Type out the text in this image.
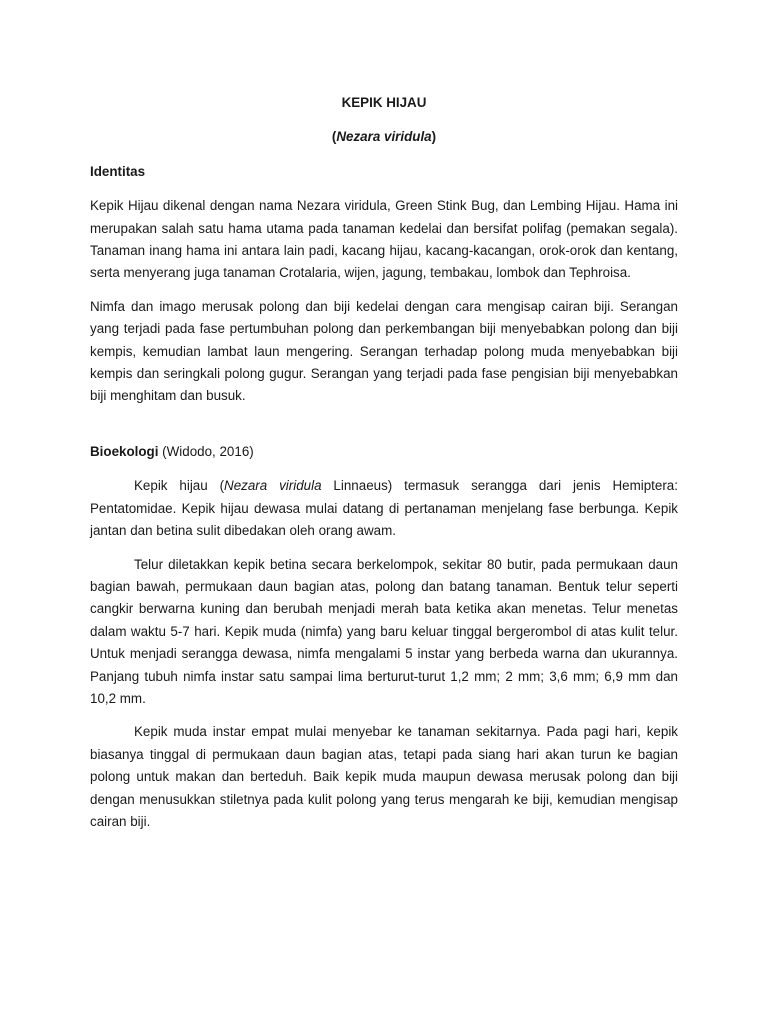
KEPIK HIJAU
(Nezara viridula)
Identitas

Kepik Hijau dikenal dengan nama Nezara viridula, Green Stink Bug, dan Lembing Hijau. Hama ini merupakan salah satu hama utama pada tanaman kedelai dan bersifat polifag (pemakan segala). Tanaman inang hama ini antara lain padi, kacang hijau, kacang-kacangan, orok-orok dan kentang, serta menyerang juga tanaman Crotalaria, wijen, jagung, tembakau, lombok dan Tephroisa.

Nimfa dan imago merusak polong dan biji kedelai dengan cara mengisap cairan biji. Serangan yang terjadi pada fase pertumbuhan polong dan perkembangan biji menyebabkan polong dan biji kempis, kemudian lambat laun mengering. Serangan terhadap polong muda menyebabkan biji kempis dan seringkali polong gugur. Serangan yang terjadi pada fase pengisian biji menyebabkan biji menghitam dan busuk.

Bioekologi (Widodo, 2016)

Kepik hijau (Nezara viridula Linnaeus) termasuk serangga dari jenis Hemiptera: Pentatomidae. Kepik hijau dewasa mulai datang di pertanaman menjelang fase berbunga. Kepik jantan dan betina sulit dibedakan oleh orang awam.

Telur diletakkan kepik betina secara berkelompok, sekitar 80 butir, pada permukaan daun bagian bawah, permukaan daun bagian atas, polong dan batang tanaman. Bentuk telur seperti cangkir berwarna kuning dan berubah menjadi merah bata ketika akan menetas. Telur menetas dalam waktu 5-7 hari. Kepik muda (nimfa) yang baru keluar tinggal bergerombol di atas kulit telur. Untuk menjadi serangga dewasa, nimfa mengalami 5 instar yang berbeda warna dan ukurannya. Panjang tubuh nimfa instar satu sampai lima berturut-turut 1,2 mm; 2 mm; 3,6 mm; 6,9 mm dan 10,2 mm.

Kepik muda instar empat mulai menyebar ke tanaman sekitarnya. Pada pagi hari, kepik biasanya tinggal di permukaan daun bagian atas, tetapi pada siang hari akan turun ke bagian polong untuk makan dan berteduh. Baik kepik muda maupun dewasa merusak polong dan biji dengan menusukkan stiletnya pada kulit polong yang terus mengarah ke biji, kemudian mengisap cairan biji.
